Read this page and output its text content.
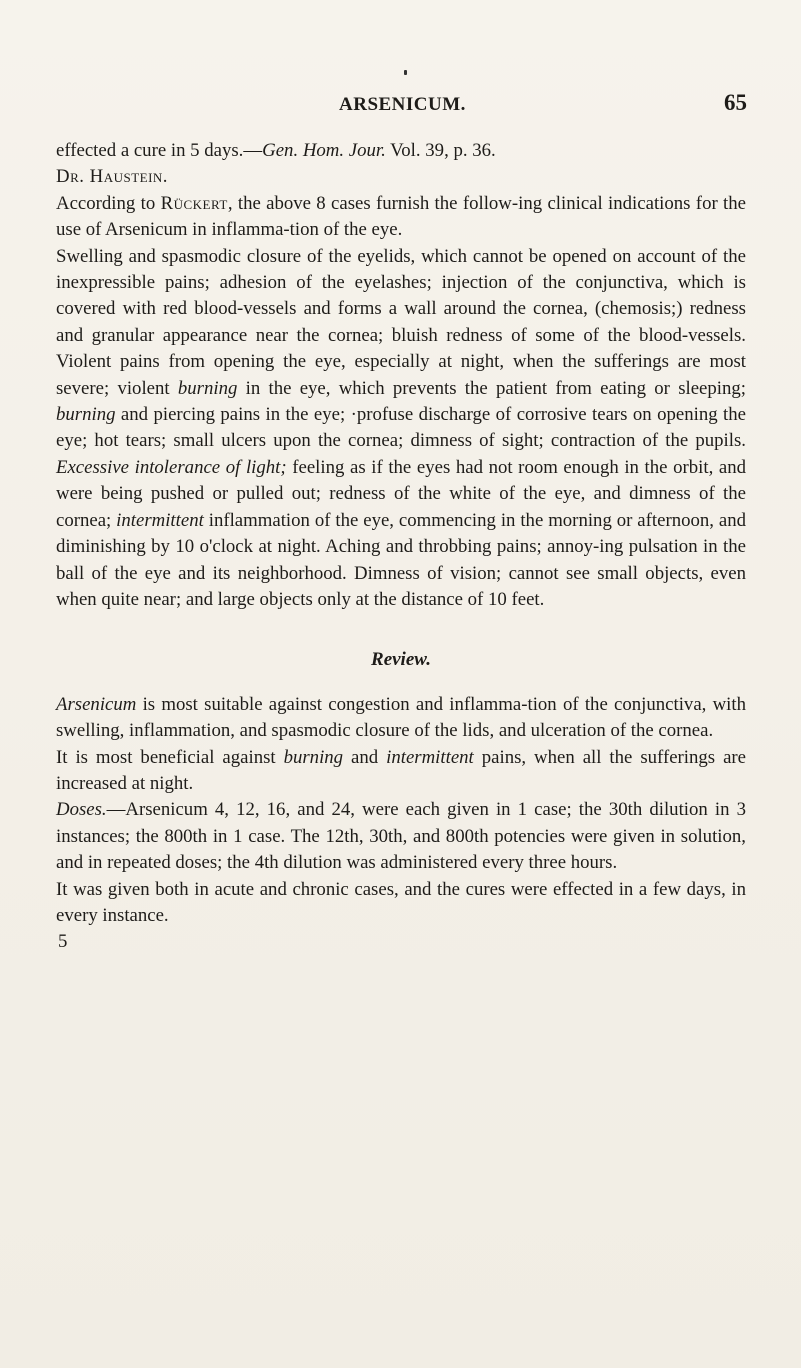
ARSENICUM.	65

effected a cure in 5 days.—Gen. Hom. Jour. Vol. 39, p. 36.

Dr. Haustein.

According to Rückert, the above 8 cases furnish the follow-ing clinical indications for the use of Arsenicum in inflamma-tion of the eye.

Swelling and spasmodic closure of the eyelids, which cannot be opened on account of the inexpressible pains; adhesion of the eyelashes; injection of the conjunctiva, which is covered with red blood-vessels and forms a wall around the cornea, (chemosis;) redness and granular appearance near the cornea; bluish redness of some of the blood-vessels. Violent pains from opening the eye, especially at night, when the sufferings are most severe; violent burning in the eye, which prevents the patient from eating or sleeping; burning and piercing pains in the eye; ·profuse discharge of corrosive tears on opening the eye; hot tears; small ulcers upon the cornea; dimness of sight; contraction of the pupils. Excessive intolerance of light; feeling as if the eyes had not room enough in the orbit, and were being pushed or pulled out; redness of the white of the eye, and dimness of the cornea; intermittent inflammation of the eye, commencing in the morning or afternoon, and diminishing by 10 o'clock at night. Aching and throbbing pains; annoy-ing pulsation in the ball of the eye and its neighborhood. Dimness of vision; cannot see small objects, even when quite near; and large objects only at the distance of 10 feet.

Review.

Arsenicum is most suitable against congestion and inflamma-tion of the conjunctiva, with swelling, inflammation, and spasmodic closure of the lids, and ulceration of the cornea.

It is most beneficial against burning and intermittent pains, when all the sufferings are increased at night.

Doses.—Arsenicum 4, 12, 16, and 24, were each given in 1 case; the 30th dilution in 3 instances; the 800th in 1 case. The 12th, 30th, and 800th potencies were given in solution, and in repeated doses; the 4th dilution was administered every three hours.

It was given both in acute and chronic cases, and the cures were effected in a few days, in every instance.

5
